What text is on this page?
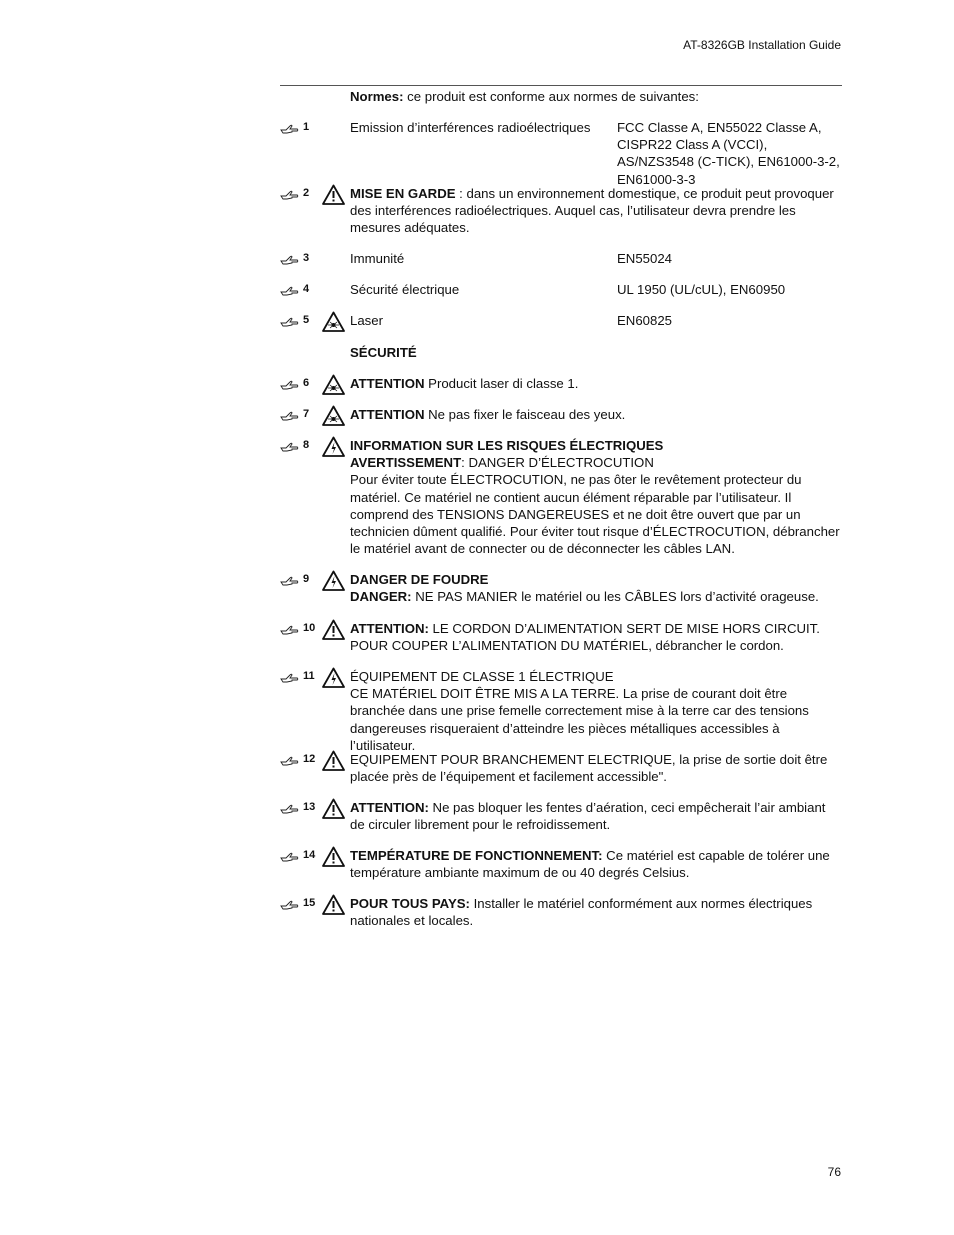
AT-8326GB Installation Guide
Normes: ce produit est conforme aux normes de suivantes:
1	Emission d’interférences radioélectriques	FCC Classe A, EN55022 Classe A, CISPR22 Class A (VCCI), AS/NZS3548 (C-TICK), EN61000-3-2, EN61000-3-3
2	MISE EN GARDE : dans un environnement domestique, ce produit peut provoquer des interférences radioélectriques. Auquel cas, l’utilisateur devra prendre les mesures adéquates.
3	Immunité	EN55024
4	Sécurité électrique	UL 1950 (UL/cUL), EN60950
5	Laser	EN60825
SÉCURITÉ
6	ATTENTION Producit laser di classe 1.
7	ATTENTION Ne pas fixer le faisceau des yeux.
8	INFORMATION SUR LES RISQUES ÉLECTRIQUES
AVERTISSEMENT: DANGER D’ÉLECTROCUTION
Pour éviter toute ÉLECTROCUTION, ne pas ôter le revêtement protecteur du matériel. Ce matériel ne contient aucun élément réparable par l’utilisateur. Il comprend des TENSIONS DANGEREUSES et ne doit être ouvert que par un technicien dûment qualifié. Pour éviter tout risque d’ÉLECTROCUTION, débrancher le matériel avant de connecter ou de déconnecter les câbles LAN.
9	DANGER DE FOUDRE
DANGER: NE PAS MANIER le matériel ou les CÂBLES lors d’activité orageuse.
10	ATTENTION: LE CORDON D’ALIMENTATION SERT DE MISE HORS CIRCUIT. POUR COUPER L’ALIMENTATION DU MATÉRIEL, débrancher le cordon.
11	ÉQUIPEMENT DE CLASSE 1 ÉLECTRIQUE
CE MATÉRIEL DOIT ÊTRE MIS A LA TERRE. La prise de courant doit être branchée dans une prise femelle correctement mise à la terre car des tensions dangereuses risqueraient d’atteindre les pièces métalliques accessibles à l’utilisateur.
12	EQUIPEMENT POUR BRANCHEMENT ELECTRIQUE, la prise de sortie doit être placée près de l’équipement et facilement accessible".
13	ATTENTION: Ne pas bloquer les fentes d’aération, ceci empêcherait l’air ambiant de circuler librement pour le refroidissement.
14	TEMPÉRATURE DE FONCTIONNEMENT: Ce matériel est capable de tolérer une température ambiante maximum de ou 40 degrés Celsius.
15	POUR TOUS PAYS: Installer le matériel conformément aux normes électriques nationales et locales.
76
